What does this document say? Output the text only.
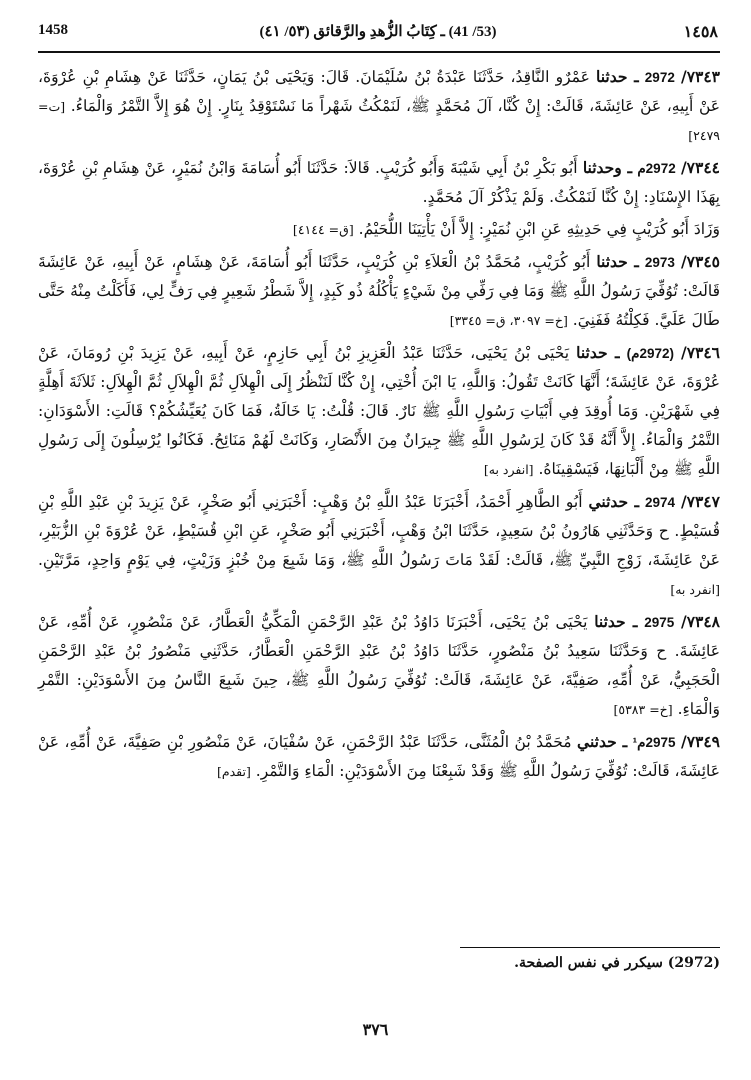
1458	(53/ 41) ـ كِتَابُ الزُّهدِ والرَّقائق (٥٣/ ٤١)	١٤٥٨

٧٣٤٣/ 2972 ـ حدثنا عَمْرٌو النَّاقِدُ، حَدَّثَنَا عَبْدَةُ بْنُ سُلَيْمَانَ. قَالَ: وَيَحْيَى بْنُ يَمَانٍ، حَدَّثَنَا عَنْ هِشَامِ بْنِ عُرْوَةَ، عَنْ أَبِيهِ، عَنْ عَائِشَةَ، قَالَتْ: إِنْ كُنَّا، آلَ مُحَمَّدٍ ﷺ، لَنَمْكُثُ شَهْراً مَا نَسْتَوْقِدُ بِنَارٍ. إِنْ هُوَ إِلاَّ التَّمْرُ وَالْمَاءُ. [ت= ٢٤٧٩]

٧٣٤٤/ 2972م ـ وحدثنا أَبُو بَكْرِ بْنُ أَبِي شَيْبَةَ وَأَبُو كُرَيْبٍ. قَالاَ: حَدَّثَنَا أَبُو أُسَامَةَ وَابْنُ نُمَيْرٍ، عَنْ هِشَامِ بْنِ عُرْوَةَ، بِهَذَا الإِسْنَادِ: إِنْ كُنَّا لَنَمْكُثُ. وَلَمْ يَذْكُرْ آلَ مُحَمَّدٍ.

وَزَادَ أَبُو كُرَيْبٍ فِي حَدِيثِهِ عَنِ ابْنِ نُمَيْرٍ: إِلاَّ أَنْ يَأْتِيَنَا اللُّحَيْمُ. [ق= ٤١٤٤]

٧٣٤٥/ 2973 ـ حدثنا أَبُو كُرَيْبٍ، مُحَمَّدُ بْنُ الْعَلاَءِ بْنِ كُرَيْبٍ، حَدَّثَنَا أَبُو أُسَامَةَ، عَنْ هِشَامٍ، عَنْ أَبِيهِ، عَنْ عَائِشَةَ قَالَتْ: تُوُفِّيَ رَسُولُ اللَّهِ ﷺ وَمَا فِي رَفِّي مِنْ شَيْءٍ يَأْكُلُهُ ذُو كَبِدٍ، إِلاَّ شَطْرُ شَعِيرٍ فِي رَفٍّ لِي، فَأَكَلْتُ مِنْهُ حَتَّى طَالَ عَلَيَّ. فَكِلْتُهُ فَفَنِيَ. [خ= ٣٠٩٧، ق= ٣٣٤٥]

٧٣٤٦/ (2972م) ـ حدثنا يَحْيَى بْنُ يَحْيَى، حَدَّثَنَا عَبْدُ الْعَزِيزِ بْنُ أَبِي حَازِمٍ، عَنْ أَبِيهِ، عَنْ يَزِيدَ بْنِ رُومَانَ، عَنْ عُرْوَةَ، عَنْ عَائِشَةَ؛ أَنَّهَا كَانَتْ تَقُولُ: وَاللَّهِ، يَا ابْنَ أُخْتِي، إِنْ كُنَّا لَنَنْظُرُ إِلَى الْهِلاَلِ ثُمَّ الْهِلاَلِ ثُمَّ الْهِلاَلِ: ثَلاَثَةَ أَهِلَّةٍ فِي شَهْرَيْنِ. وَمَا أُوقِدَ فِي أَبْيَاتِ رَسُولِ اللَّهِ ﷺ نَارٌ. قَالَ: قُلْتُ: يَا خَالَةُ، فَمَا كَانَ يُعَيِّشُكُمْ؟ قَالَتِ: الأَسْوَدَانِ: التَّمْرُ وَالْمَاءُ. إِلاَّ أَنَّهُ قَدْ كَانَ لِرَسُولِ اللَّهِ ﷺ جِيرَانٌ مِنَ الأَنْصَارِ، وَكَانَتْ لَهُمْ مَنَائِحُ. فَكَانُوا يُرْسِلُونَ إِلَى رَسُولِ اللَّهِ ﷺ مِنْ أَلْبَانِهَا، فَيَسْقِينَاهُ. [انفرد به]

٧٣٤٧/ 2974 ـ حدثني أَبُو الطَّاهِرِ أَحْمَدُ، أَخْبَرَنَا عَبْدُ اللَّهِ بْنُ وَهْبٍ: أَخْبَرَنِي أَبُو صَخْرٍ، عَنْ يَزِيدَ بْنِ عَبْدِ اللَّهِ بْنِ قُسَيْطٍ. ح وَحَدَّثَنِي هَارُونُ بْنُ سَعِيدٍ، حَدَّثَنَا ابْنُ وَهْبٍ، أَخْبَرَنِي أَبُو صَخْرٍ، عَنِ ابْنِ قُسَيْطٍ، عَنْ عُرْوَةَ بْنِ الزُّبَيْرِ، عَنْ عَائِشَةَ، زَوْجِ النَّبِيِّ ﷺ، قَالَتْ: لَقَدْ مَاتَ رَسُولُ اللَّهِ ﷺ، وَمَا شَبِعَ مِنْ خُبْزٍ وَزَيْتٍ، فِي يَوْمٍ وَاحِدٍ، مَرَّتَيْنِ. [انفرد به]

٧٣٤٨/ 2975 ـ حدثنا يَحْيَى بْنُ يَحْيَى، أَخْبَرَنَا دَاوُدُ بْنُ عَبْدِ الرَّحْمَنِ الْمَكِّيُّ الْعَطَّارُ، عَنْ مَنْصُورٍ، عَنْ أُمِّهِ، عَنْ عَائِشَةَ. ح وَحَدَّثَنَا سَعِيدُ بْنُ مَنْصُورٍ، حَدَّثَنَا دَاوُدُ بْنُ عَبْدِ الرَّحْمَنِ الْعَطَّارُ، حَدَّثَنِي مَنْصُورُ بْنُ عَبْدِ الرَّحْمَنِ الْحَجَبِيُّ، عَنْ أُمِّهِ، صَفِيَّةَ، عَنْ عَائِشَةَ، قَالَتْ: تُوُفِّيَ رَسُولُ اللَّهِ ﷺ، حِينَ شَبِعَ النَّاسُ مِنَ الأَسْوَدَيْنِ: التَّمْرِ وَالْمَاءِ. [خ= ٥٣٨٣]

٧٣٤٩/ 2975م¹ ـ حدثني مُحَمَّدُ بْنُ الْمُثَنَّى، حَدَّثَنَا عَبْدُ الرَّحْمَنِ، عَنْ سُفْيَانَ، عَنْ مَنْصُورِ بْنِ صَفِيَّةَ، عَنْ أُمِّهِ، عَنْ عَائِشَةَ، قَالَتْ: تُوُفِّيَ رَسُولُ اللَّهِ ﷺ وَقَدْ شَبِعْنَا مِنَ الأَسْوَدَيْنِ: الْمَاءِ وَالتَّمْرِ. [تقدم]

(2972) سيكرر في نفس الصفحة.
٣٧٦
